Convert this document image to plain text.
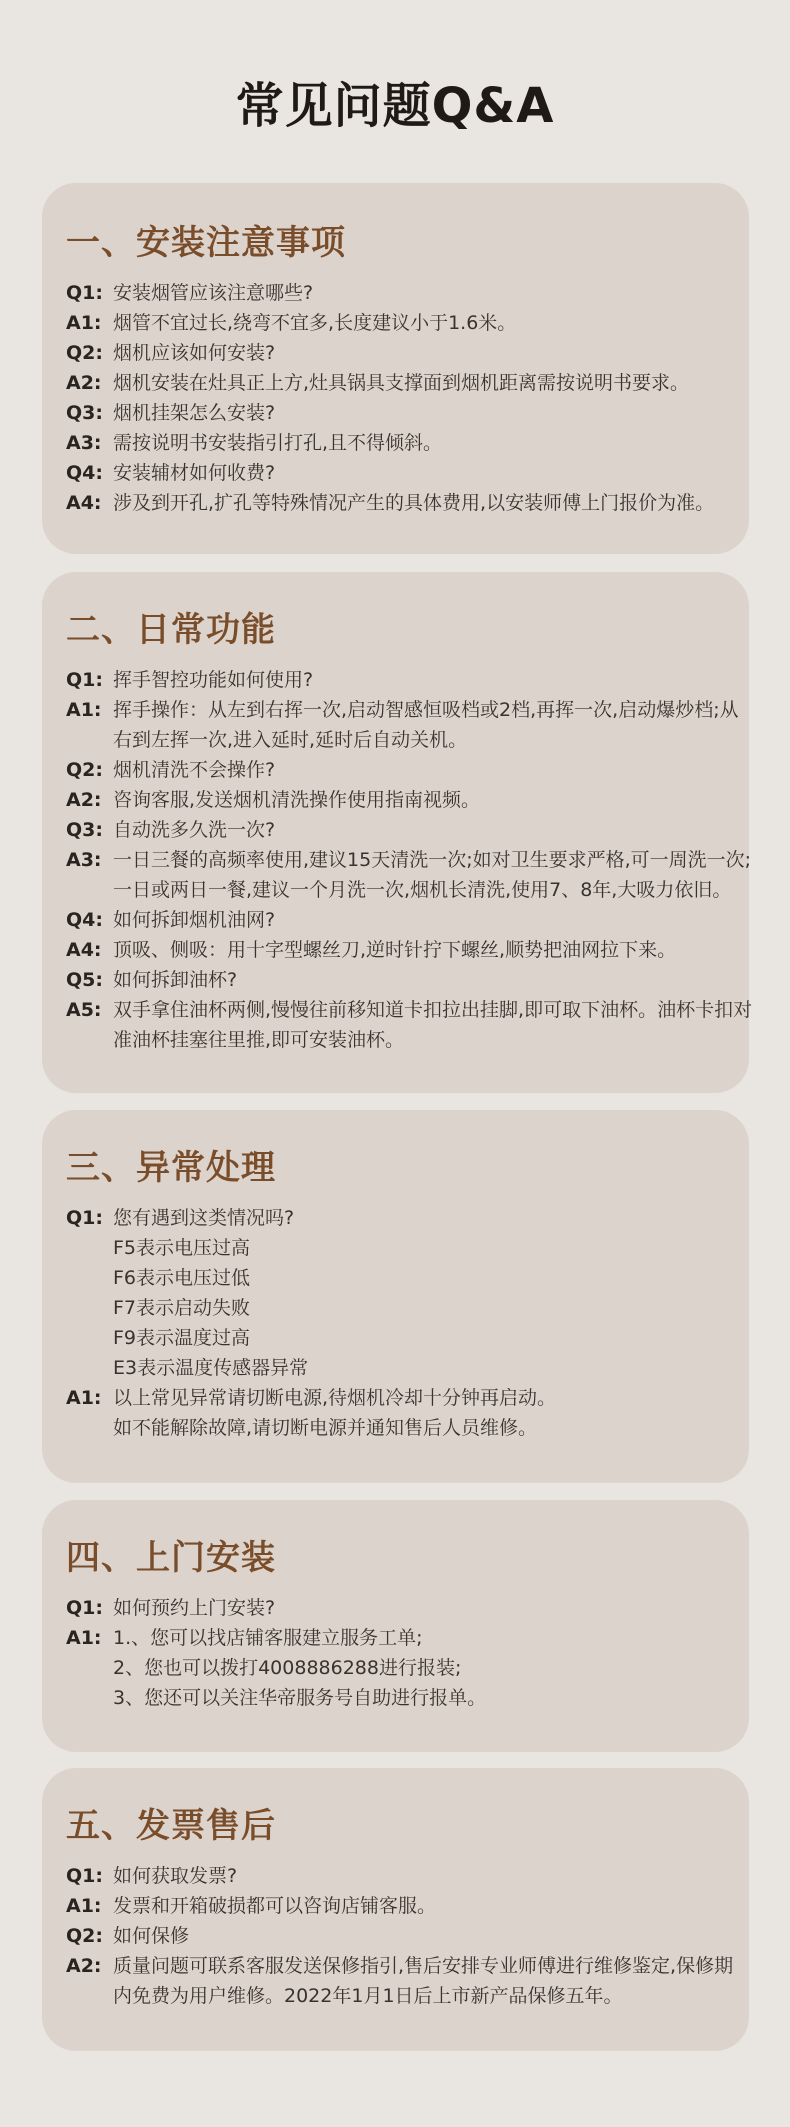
常见问题Q&A
一、安装注意事项
Q1: 安装烟管应该注意哪些?
A1: 烟管不宜过长,绕弯不宜多,长度建议小于1.6米。
Q2: 烟机应该如何安装?
A2: 烟机安装在灶具正上方,灶具锅具支撑面到烟机距离需按说明书要求。
Q3: 烟机挂架怎么安装?
A3: 需按说明书安装指引打孔,且不得倾斜。
Q4: 安装辅材如何收费?
A4: 涉及到开孔,扩孔等特殊情况产生的具体费用,以安装师傅上门报价为准。
二、日常功能
Q1: 挥手智控功能如何使用?
A1: 挥手操作：从左到右挥一次,启动智感恒吸档或2档,再挥一次,启动爆炒档;从
右到左挥一次,进入延时,延时后自动关机。
Q2: 烟机清洗不会操作?
A2: 咨询客服,发送烟机清洗操作使用指南视频。
Q3: 自动洗多久洗一次?
A3: 一日三餐的高频率使用,建议15天清洗一次;如对卫生要求严格,可一周洗一次;
一日或两日一餐,建议一个月洗一次,烟机长清洗,使用7、8年,大吸力依旧。
Q4: 如何拆卸烟机油网?
A4: 顶吸、侧吸：用十字型螺丝刀,逆时针拧下螺丝,顺势把油网拉下来。
Q5: 如何拆卸油杯?
A5: 双手拿住油杯两侧,慢慢往前移知道卡扣拉出挂脚,即可取下油杯。油杯卡扣对
准油杯挂塞往里推,即可安装油杯。
三、异常处理
Q1: 您有遇到这类情况吗?
F5表示电压过高
F6表示电压过低
F7表示启动失败
F9表示温度过高
E3表示温度传感器异常
A1: 以上常见异常请切断电源,待烟机冷却十分钟再启动。
如不能解除故障,请切断电源并通知售后人员维修。
四、上门安装
Q1: 如何预约上门安装?
A1: 1.、您可以找店铺客服建立服务工单;
2、您也可以拨打4008886288进行报装;
3、您还可以关注华帝服务号自助进行报单。
五、发票售后
Q1: 如何获取发票?
A1: 发票和开箱破损都可以咨询店铺客服。
Q2: 如何保修
A2: 质量问题可联系客服发送保修指引,售后安排专业师傅进行维修鉴定,保修期
内免费为用户维修。2022年1月1日后上市新产品保修五年。
